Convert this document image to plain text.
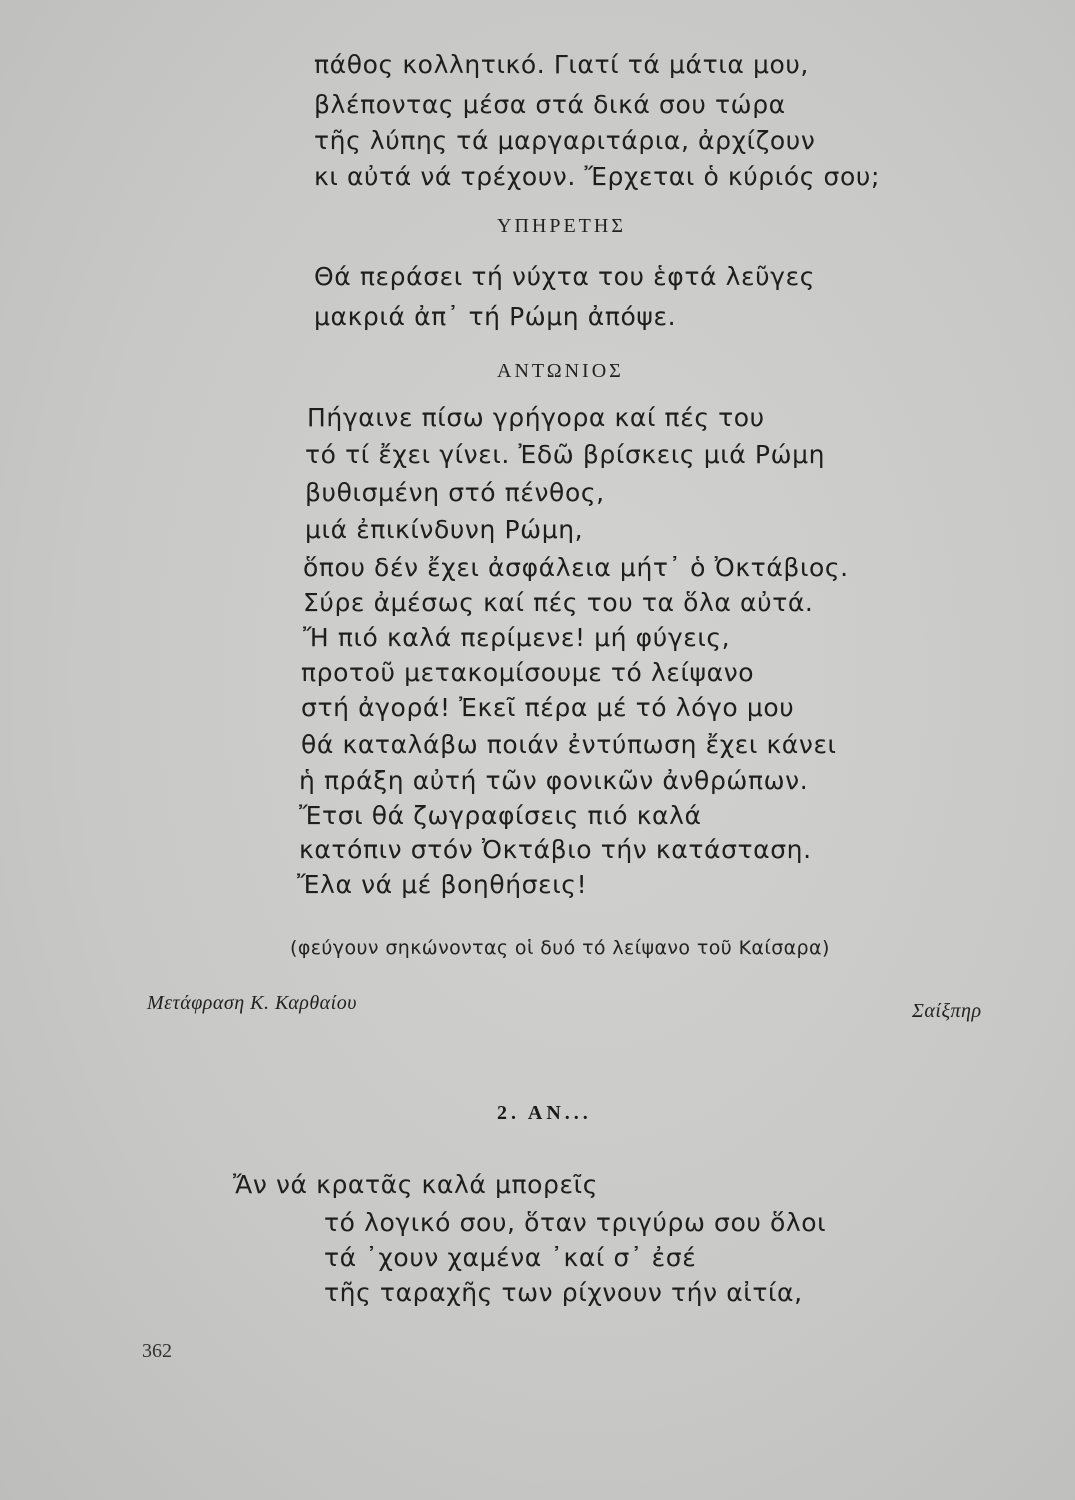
πάθος κολλητικό. Γιατί τά μάτια μου,
βλέποντας μέσα στά δικά σου τώρα
τῆς λύπης τά μαργαριτάρια, ἀρχίζουν
κι αὐτά νά τρέχουν. Ἔρχεται ὁ κύριός σου;
ΥΠΗΡΕΤΗΣ
Θά περάσει τή νύχτα του ἑφτά λεῦγες
μακριά ἀπ᾽ τή Ρώμη ἀπόψε.
ΑΝΤΩΝΙΟΣ
Πήγαινε πίσω γρήγορα καί πές του
τό τί ἔχει γίνει. Ἐδῶ βρίσκεις μιά Ρώμη
βυθισμένη στό πένθος,
μιά ἐπικίνδυνη Ρώμη,
ὅπου δέν ἔχει ἀσφάλεια μήτ᾽ ὁ Ὀκτάβιος.
Σύρε ἀμέσως καί πές του τα ὅλα αὐτά.
Ἤ πιό καλά περίμενε! μή φύγεις,
προτοῦ μετακομίσουμε τό λείψανο
στή ἀγορά! Ἐκεῖ πέρα μέ τό λόγο μου
θά καταλάβω ποιάν ἐντύπωση ἔχει κάνει
ἡ πράξη αὐτή τῶν φονικῶν ἀνθρώπων.
Ἔτσι θά ζωγραφίσεις πιό καλά
κατόπιν στόν Ὀκτάβιο τήν κατάσταση.
Ἔλα νά μέ βοηθήσεις!
(φεύγουν σηκώνοντας οἱ δυό τό λείψανο τοῦ Καίσαρα)
Μετάφραση Κ. Καρθαίου	Σαίξπηρ
2. ΑΝ...
Ἄν νά κρατᾶς καλά μπορεῖς
τό λογικό σου, ὅταν τριγύρω σου ὅλοι
τά ᾽χουν χαμένα ᾽καί σ᾽ ἐσέ
τῆς ταραχῆς των ρίχνουν τήν αἰτία,
362
